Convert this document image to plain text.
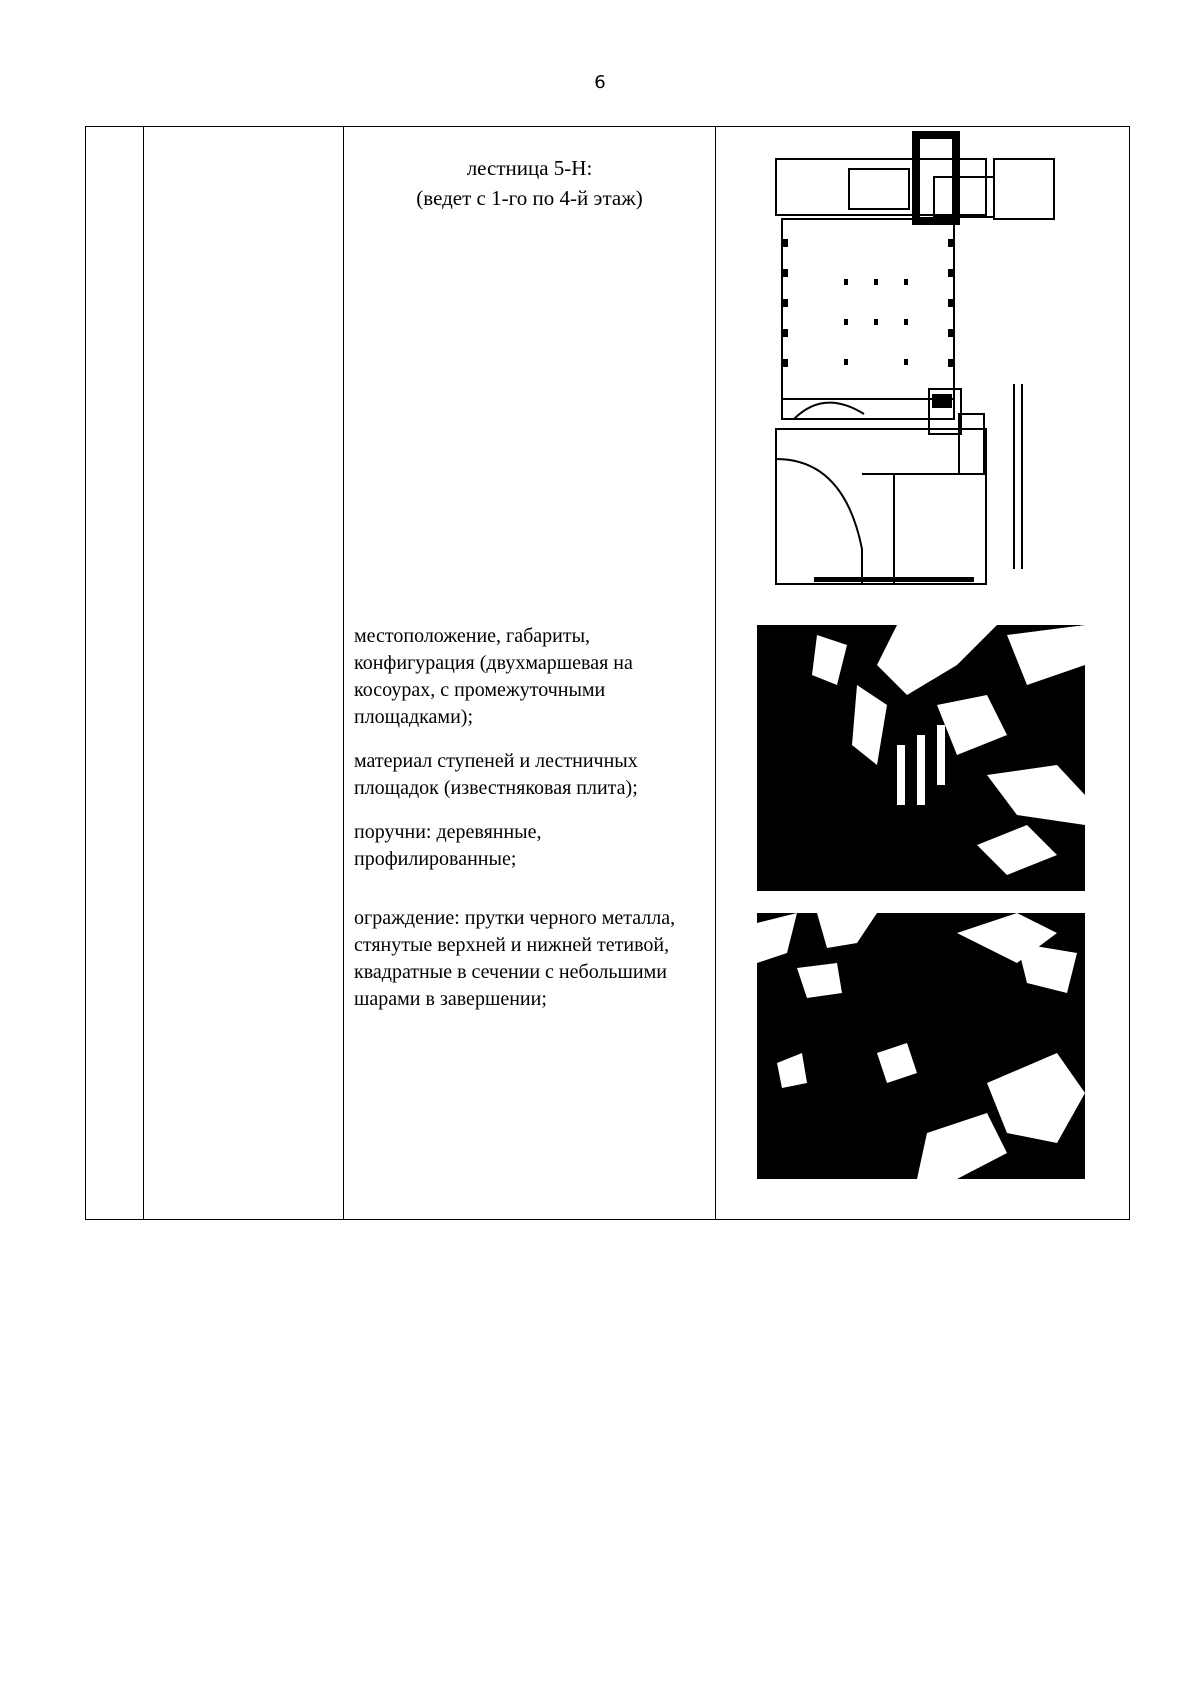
6

лестница 5-Н:
(ведет с 1-го по 4-й этаж)

местоположение, габариты, конфигурация (двухмаршевая на косоурах, с промежуточными площадками);

материал ступеней и лестничных площадок (известняковая плита);

поручни: деревянные, профилированные;

ограждение: прутки черного металла, стянутые верхней и нижней тетивой, квадратные в сечении с небольшими шарами в завершении;
